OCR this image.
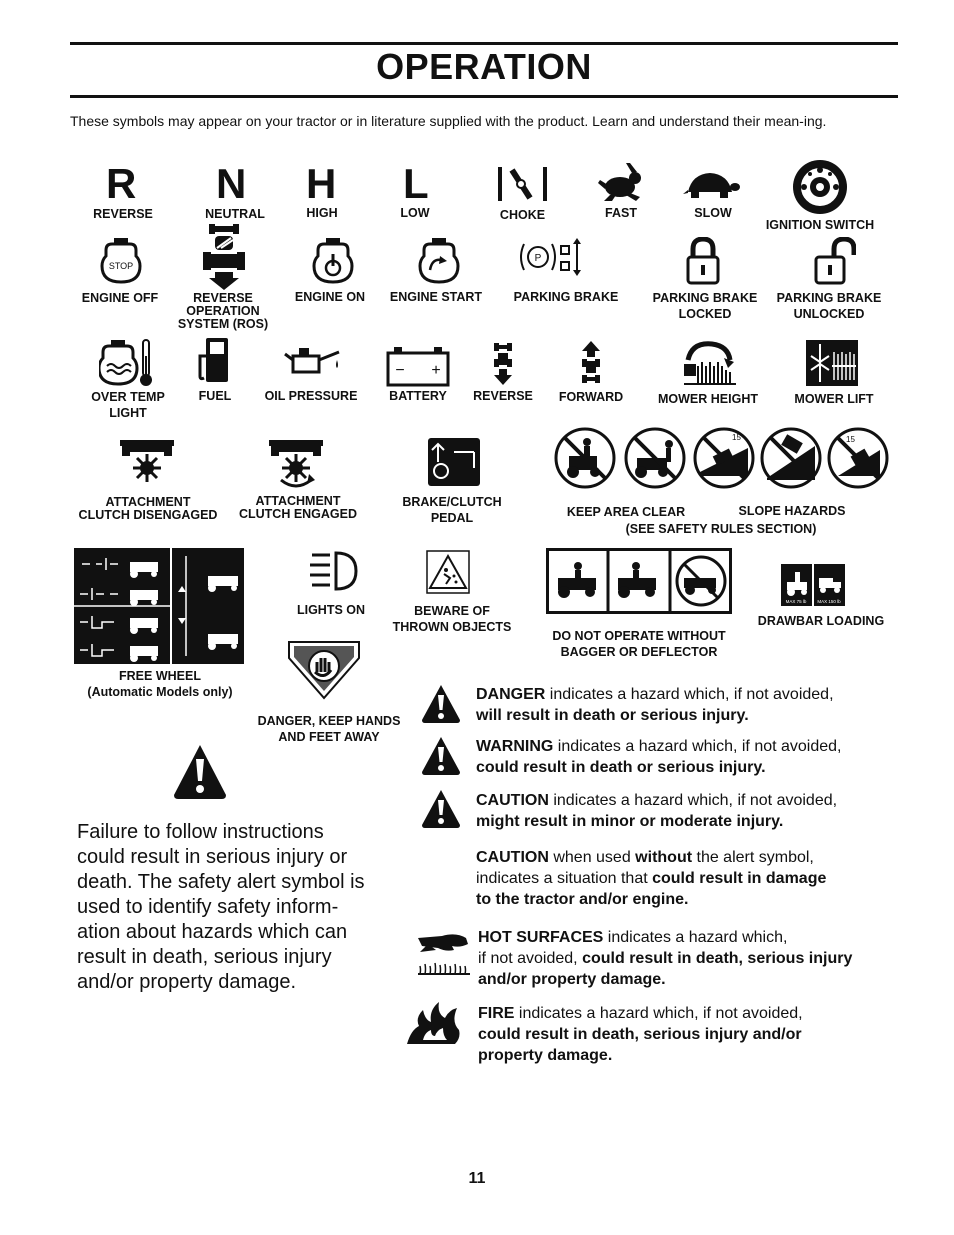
OPERATION
These symbols may appear on your tractor or in literature supplied with the product. Learn and understand their mean-ing.
R
REVERSE
N
NEUTRAL
H
HIGH
L
LOW	CHOKE	FAST	SLOW
IGNITION SWITCH
STOP
ENGINE OFF	REVERSE
OPERATION
SYSTEM (ROS)
ENGINE ON	ENGINE START
P
PARKING BRAKE	PARKING BRAKE
LOCKED
PARKING BRAKE
UNLOCKED
OVER TEMP
LIGHT
FUEL	OIL PRESSURE
− +
BATTERY	REVERSE	FORWARD	MOWER HEIGHT	MOWER LIFT
ATTACHMENT
CLUTCH DISENGAGED
ATTACHMENT
CLUTCH ENGAGED
BRAKE/CLUTCH
PEDAL
15	15
KEEP AREA CLEAR	SLOPE HAZARDS
(SEE SAFETY RULES SECTION)
FREE WHEEL
(Automatic Models only)
LIGHTS ON	BEWARE OF
THROWN OBJECTS
DO NOT OPERATE WITHOUT
BAGGER OR DEFLECTOR
MAX 75 lb MAX 150 lb
DRAWBAR LOADING
DANGER, KEEP HANDS
AND FEET AWAY
Failure to follow instructions could result in serious injury or death. The safety alert symbol is used to identify safety inform-ation about hazards which can result in death, serious injury and/or property damage.
DANGER indicates a hazard which, if not avoided,
will result in death or serious injury.
WARNING indicates a hazard which, if not avoided,
could result in death or serious injury.
CAUTION indicates a hazard which, if not avoided,
might result in minor or moderate injury.
CAUTION when used without the alert symbol,
indicates a situation that could result in damage
to the tractor and/or engine.
HOT SURFACES indicates a hazard which,
if not avoided, could result in death, serious injury
and/or property damage.
FIRE indicates a hazard which, if not avoided,
could result in death, serious injury and/or
property damage.
11
